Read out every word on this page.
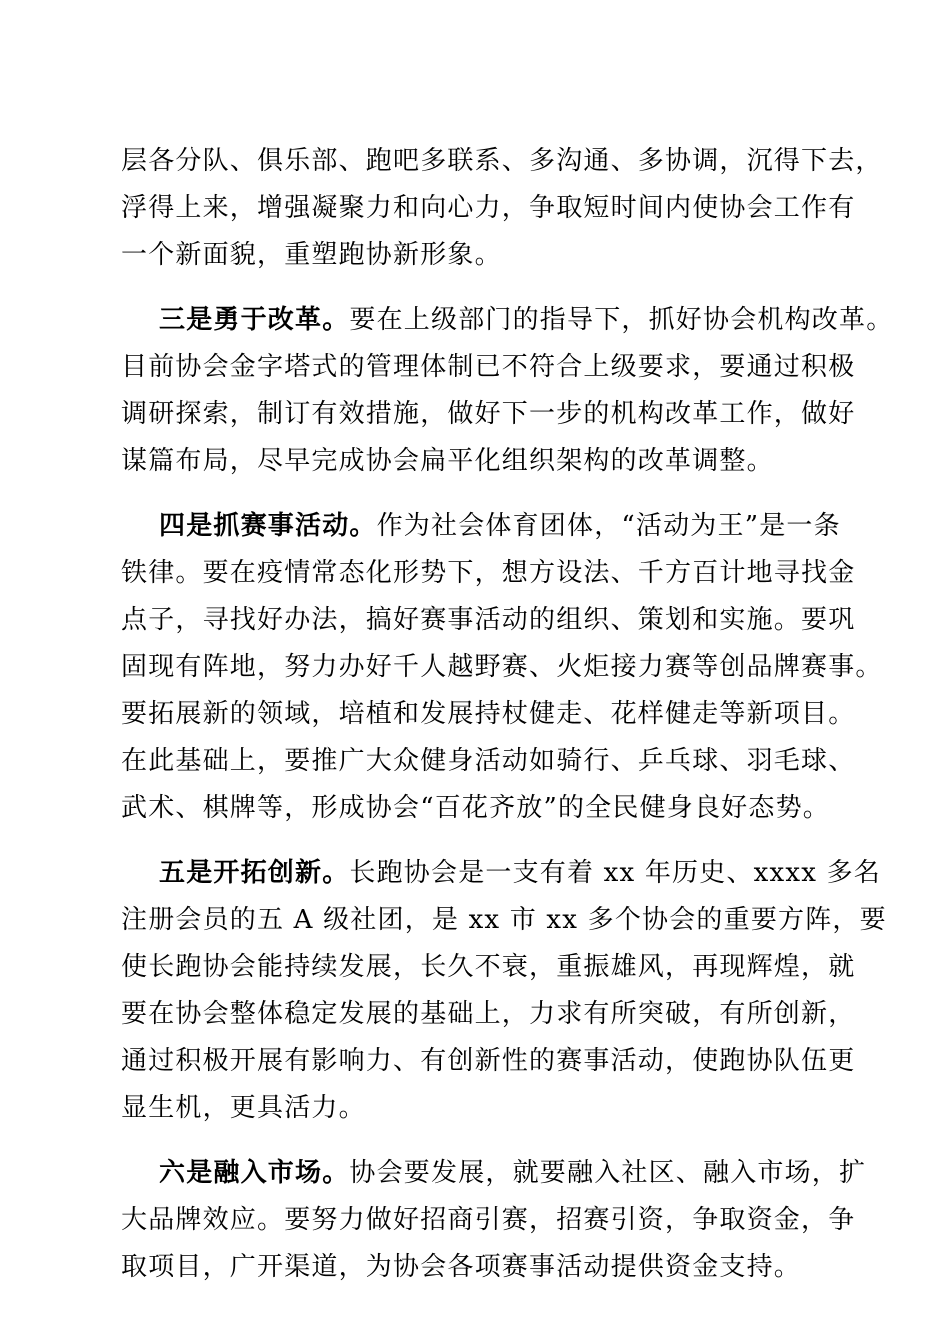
层各分队、俱乐部、跑吧多联系、多沟通、多协调，沉得下去，
浮得上来，增强凝聚力和向心力，争取短时间内使协会工作有
一个新面貌，重塑跑协新形象。
三是勇于改革。要在上级部门的指导下，抓好协会机构改革。
目前协会金字塔式的管理体制已不符合上级要求，要通过积极
调研探索，制订有效措施，做好下一步的机构改革工作，做好
谋篇布局，尽早完成协会扁平化组织架构的改革调整。
四是抓赛事活动。作为社会体育团体，“活动为王”是一条
铁律。要在疫情常态化形势下，想方设法、千方百计地寻找金
点子，寻找好办法，搞好赛事活动的组织、策划和实施。要巩
固现有阵地，努力办好千人越野赛、火炬接力赛等创品牌赛事。
要拓展新的领域，培植和发展持杖健走、花样健走等新项目。
在此基础上，要推广大众健身活动如骑行、乒乓球、羽毛球、
武术、棋牌等，形成协会“百花齐放”的全民健身良好态势。
五是开拓创新。长跑协会是一支有着 xx 年历史、xxxx 多名
注册会员的五 A 级社团，是 xx 市 xx 多个协会的重要方阵，要
使长跑协会能持续发展，长久不衰，重振雄风，再现辉煌，就
要在协会整体稳定发展的基础上，力求有所突破，有所创新，
通过积极开展有影响力、有创新性的赛事活动，使跑协队伍更
显生机，更具活力。
六是融入市场。协会要发展，就要融入社区、融入市场，扩
大品牌效应。要努力做好招商引赛，招赛引资，争取资金，争
取项目，广开渠道，为协会各项赛事活动提供资金支持。
